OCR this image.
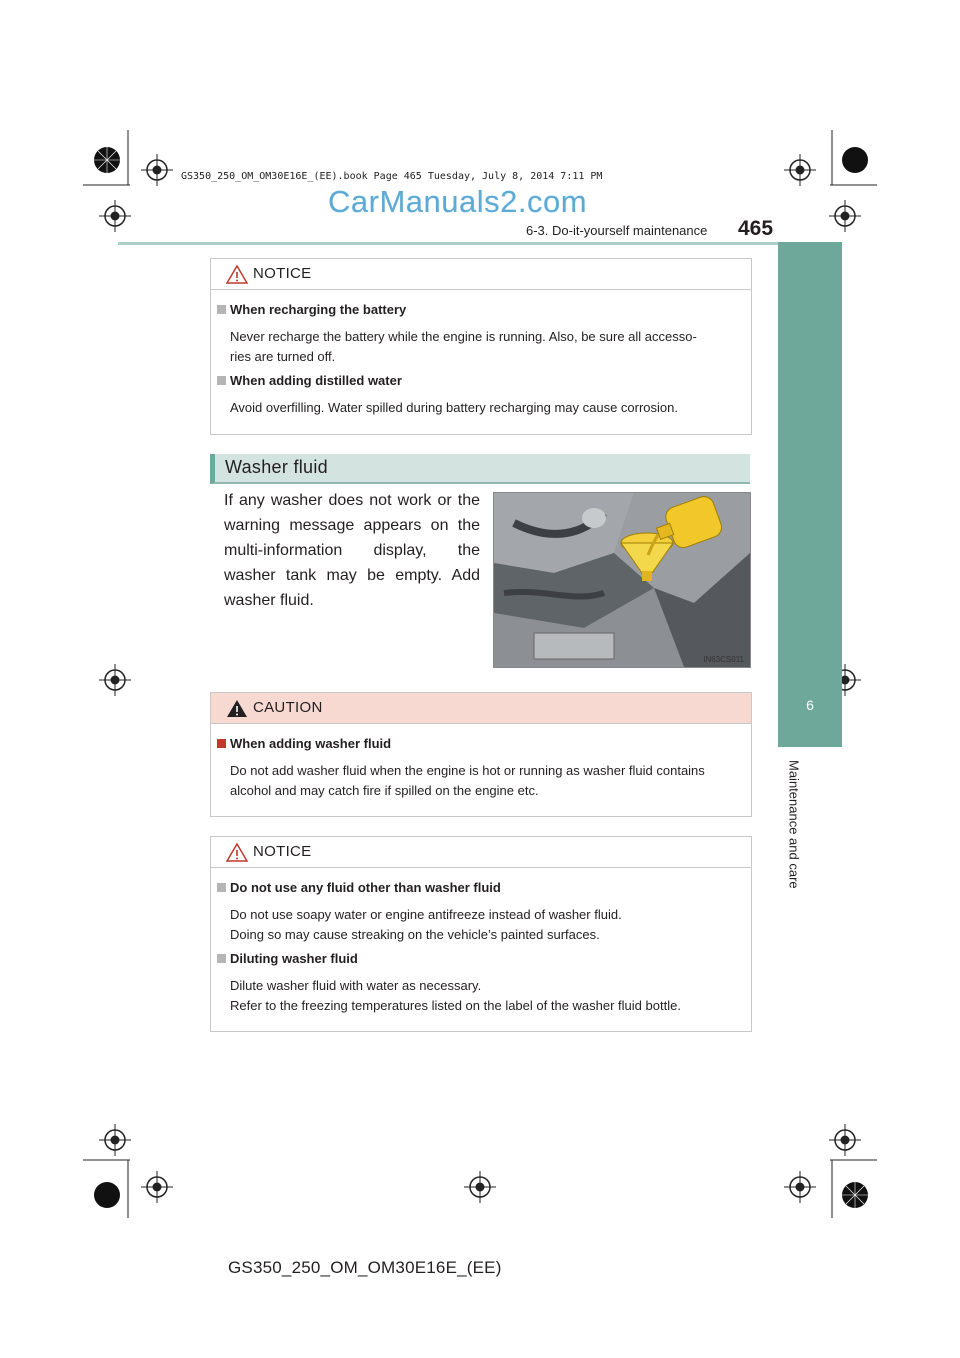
GS350_250_OM_OM30E16E_(EE).book Page 465 Tuesday, July 8, 2014 7:11 PM
CarManuals2.com
6-3. Do-it-yourself maintenance 465
6
Maintenance and care
NOTICE
When recharging the battery
Never recharge the battery while the engine is running. Also, be sure all accesso-
ries are turned off.
When adding distilled water
Avoid overfilling. Water spilled during battery recharging may cause corrosion.
Washer fluid
If any washer does not work or the warning message appears on the multi-information display, the washer tank may be empty. Add washer fluid.
IN63CS011
CAUTION
When adding washer fluid
Do not add washer fluid when the engine is hot or running as washer fluid contains
alcohol and may catch fire if spilled on the engine etc.
NOTICE
Do not use any fluid other than washer fluid
Do not use soapy water or engine antifreeze instead of washer fluid.
Doing so may cause streaking on the vehicle’s painted surfaces.
Diluting washer fluid
Dilute washer fluid with water as necessary.
Refer to the freezing temperatures listed on the label of the washer fluid bottle.
GS350_250_OM_OM30E16E_(EE)
